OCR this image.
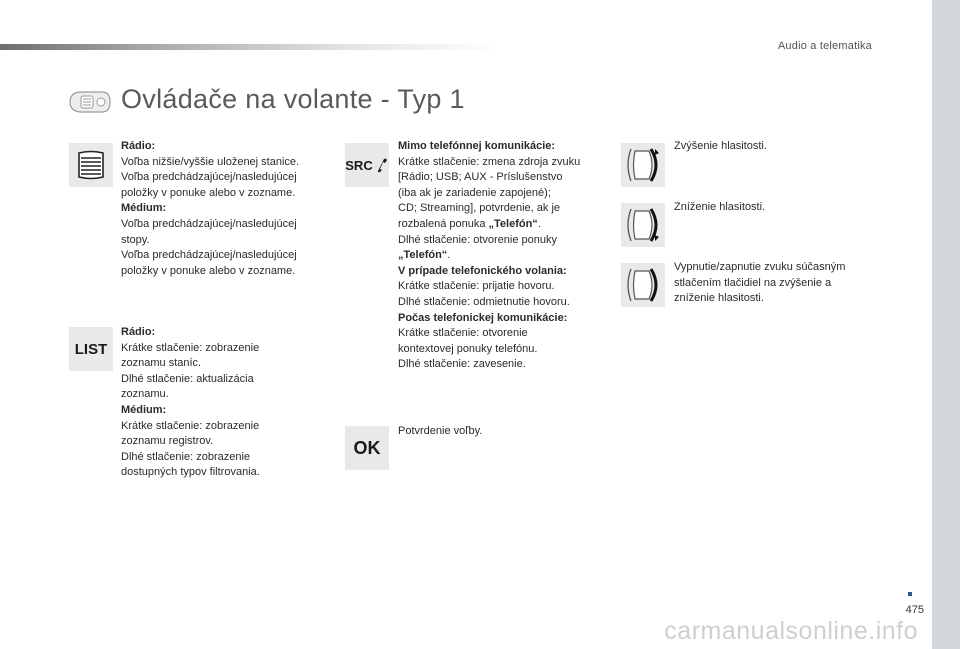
Audio a telematika
Ovládače na volante - Typ 1
Rádio:
Voľba nižšie/vyššie uloženej stanice.
Voľba predchádzajúcej/nasledujúcej
položky v ponuke alebo v zozname.
Médium:
Voľba predchádzajúcej/nasledujúcej
stopy.
Voľba predchádzajúcej/nasledujúcej
položky v ponuke alebo v zozname.
LIST
Rádio:
Krátke stlačenie: zobrazenie
zoznamu staníc.
Dlhé stlačenie: aktualizácia
zoznamu.
Médium:
Krátke stlačenie: zobrazenie
zoznamu registrov.
Dlhé stlačenie: zobrazenie
dostupných typov filtrovania.
SRC
Mimo telefónnej komunikácie:
Krátke stlačenie: zmena zdroja zvuku
[Rádio; USB; AUX - Príslušenstvo
(iba ak je zariadenie zapojené);
CD; Streaming], potvrdenie, ak je
rozbalená ponuka „Telefón“.
Dlhé stlačenie: otvorenie ponuky
„Telefón“.
V prípade telefonického volania:
Krátke stlačenie: prijatie hovoru.
Dlhé stlačenie: odmietnutie hovoru.
Počas telefonickej komunikácie:
Krátke stlačenie: otvorenie
kontextovej ponuky telefónu.
Dlhé stlačenie: zavesenie.
OK
Potvrdenie voľby.
Zvýšenie hlasitosti.
Zníženie hlasitosti.
Vypnutie/zapnutie zvuku súčasným
stlačením tlačidiel na zvýšenie a
zníženie hlasitosti.
475
carmanualsonline.info
